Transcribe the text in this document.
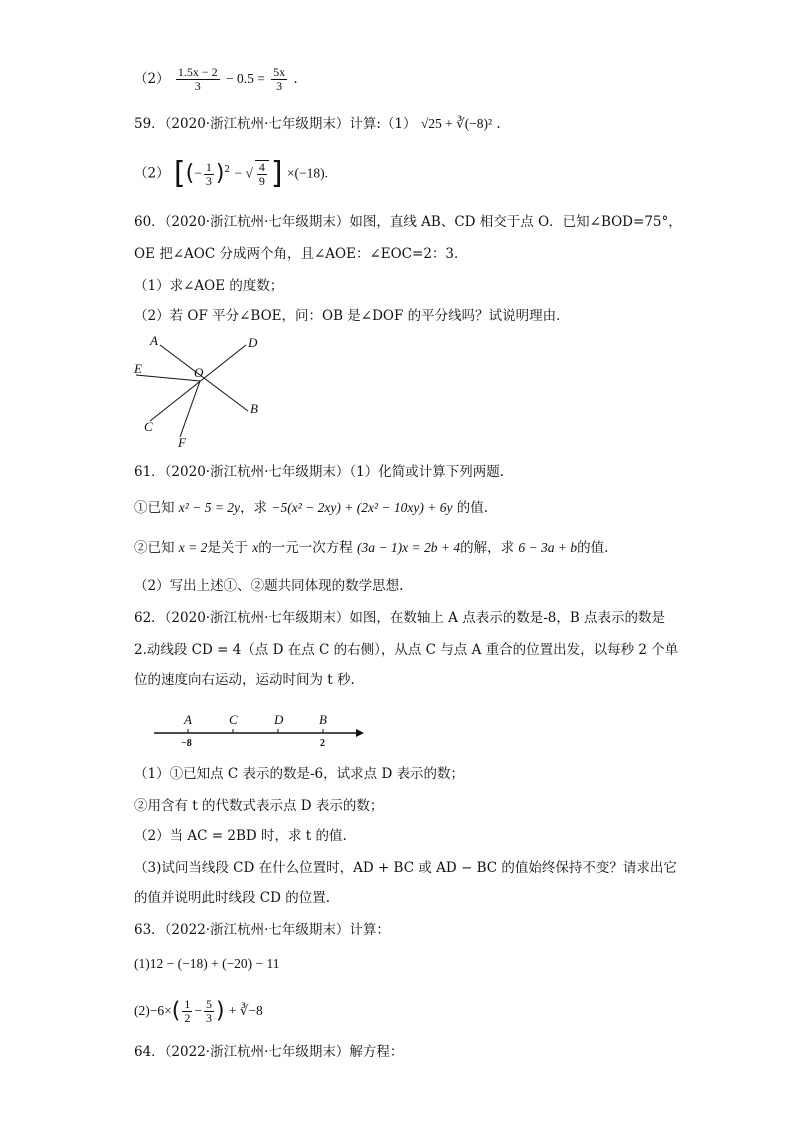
$(2) \frac{1.5x - 2}{3} - 0.5 = \frac{5x}{3}$ .
59．（2020·浙江杭州·七年级期末）计算:（1） √25 + ∛(−8)² .
（2） [(− $\frac{1}{3} )^2$ − √ $\frac{4}{9}$ ] ×(−18).
60．（2020·浙江杭州·七年级期末）如图，直线 AB、CD 相交于点 O．已知∠BOD=75°，
OE 把∠AOC 分成两个角，且∠AOE：∠EOC=2：3．
（1）求∠AOE 的度数；
（2）若 OF 平分∠BOE，问：OB 是∠DOF 的平分线吗？试说明理由．
A	D
E	O
B
C
F
61．（2020·浙江杭州·七年级期末）（1）化简或计算下列两题.
①已知 x² − 5 = 2y，求 −5(x² − 2xy) + (2x² − 10xy) + 6y 的值.
②已知 x = 2是关于 x的一元一次方程 (3a − 1)x = 2b + 4的解，求 6 − 3a + b的值.
（2）写出上述①、②题共同体现的数学思想.
62．（2020·浙江杭州·七年级期末）如图，在数轴上 A 点表示的数是-8，B 点表示的数是
2.动线段 CD = 4（点 D 在点 C 的右侧），从点 C 与点 A 重合的位置出发，以每秒 2 个单
位的速度向右运动，运动时间为 t 秒.
A	C	D	B
−8	2
（1）①已知点 C 表示的数是-6，试求点 D 表示的数；
②用含有 t 的代数式表示点 D 表示的数；
（2）当 AC = 2BD 时，求 t 的值.
（3)试问当线段 CD 在什么位置时，AD + BC 或 AD − BC 的值始终保持不变？请求出它
的值并说明此时线段 CD 的位置.
63．（2022·浙江杭州·七年级期末）计算：
(1)12 − (−18) + (−20) − 11
$(2)-6\times( \frac{1}{2} - \frac{5}{3}$ ) + ∛−8
64．（2022·浙江杭州·七年级期末）解方程：
